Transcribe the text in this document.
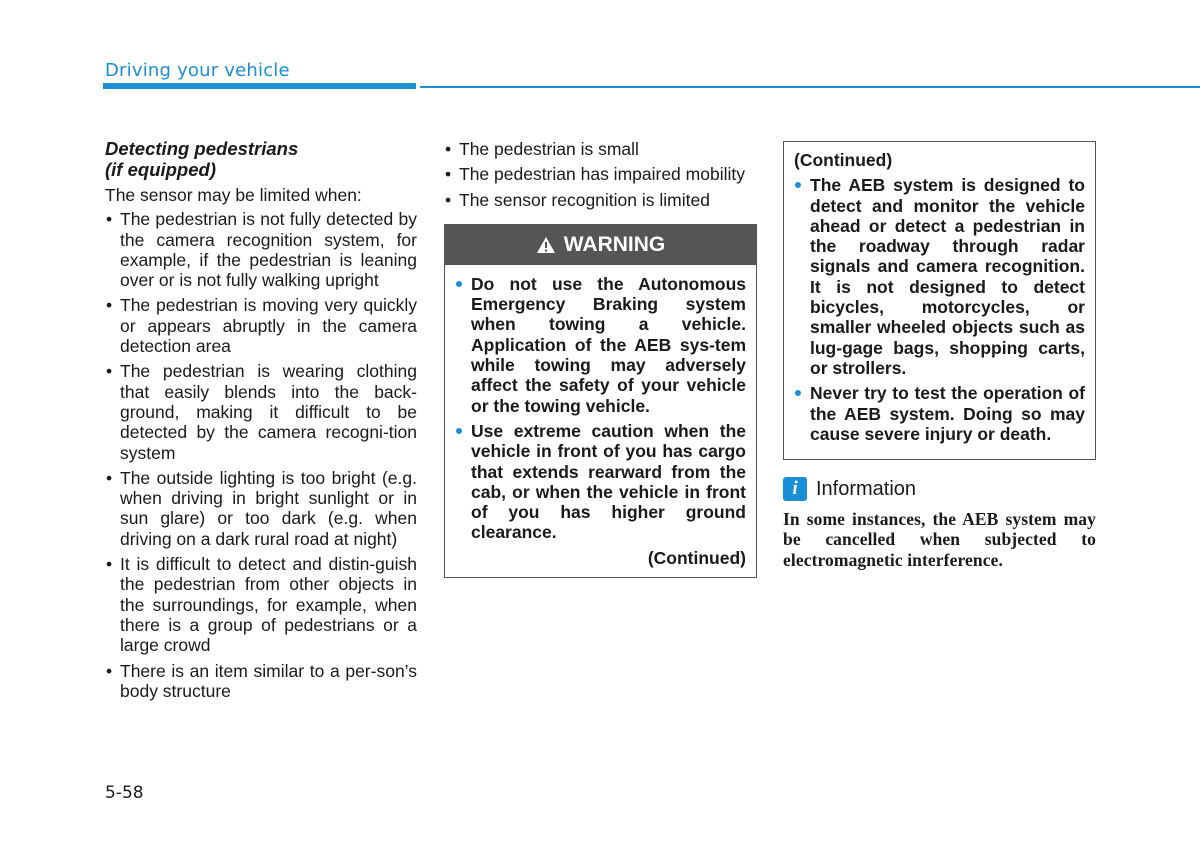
Driving your vehicle
Detecting pedestrians
(if equipped)
The sensor may be limited when:
• The pedestrian is not fully detected by the camera recognition system, for example, if the pedestrian is leaning over or is not fully walking upright
• The pedestrian is moving very quickly or appears abruptly in the camera detection area
• The pedestrian is wearing clothing that easily blends into the back-ground, making it difficult to be detected by the camera recogni-tion system
• The outside lighting is too bright (e.g. when driving in bright sunlight or in sun glare) or too dark (e.g. when driving on a dark rural road at night)
• It is difficult to detect and distin-guish the pedestrian from other objects in the surroundings, for example, when there is a group of pedestrians or a large crowd
• There is an item similar to a per-son’s body structure
• The pedestrian is small
• The pedestrian has impaired mobility
• The sensor recognition is limited
WARNING
Do not use the Autonomous Emergency Braking system when towing a vehicle. Application of the AEB sys-tem while towing may adversely affect the safety of your vehicle or the towing vehicle.
Use extreme caution when the vehicle in front of you has cargo that extends rearward from the cab, or when the vehicle in front of you has higher ground clearance.
(Continued)
(Continued)
The AEB system is designed to detect and monitor the vehicle ahead or detect a pedestrian in the roadway through radar signals and camera recognition. It is not designed to detect bicycles, motorcycles, or smaller wheeled objects such as lug-gage bags, shopping carts, or strollers.
Never try to test the operation of the AEB system. Doing so may cause severe injury or death.
i Information
In some instances, the AEB system may be cancelled when subjected to electromagnetic interference.
5-58
